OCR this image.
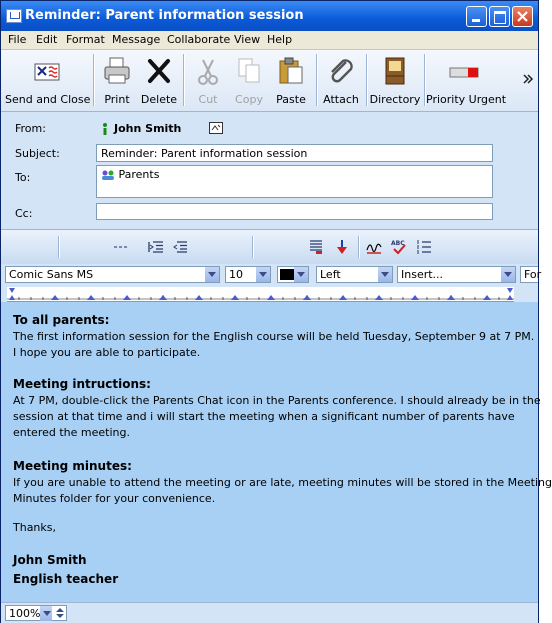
Reminder: Parent information session
File Edit Format Message Collaborate View Help
Send and Close	Print	Delete	Cut	Copy	Paste	Attach Directory Priority Urgent
From:	John Smith
Subject:	Reminder: Parent information session
To:	Parents
Cc:
ABC
Comic Sans MS	10	Left	Insert...	For

To all parents:

The first information session for the English course will be held Tuesday, September 9 at 7 PM.

I hope you are able to participate.

Meeting intructions:

At 7 PM, double-click the Parents Chat icon in the Parents conference. I should already be in the

session at that time and i will start the meeting when a significant number of parents have

entered the meeting.

Meeting minutes:

If you are unable to attend the meeting or are late, meeting minutes will be stored in the Meeting

Minutes folder for your convenience.

Thanks,

John Smith

English teacher

100%
